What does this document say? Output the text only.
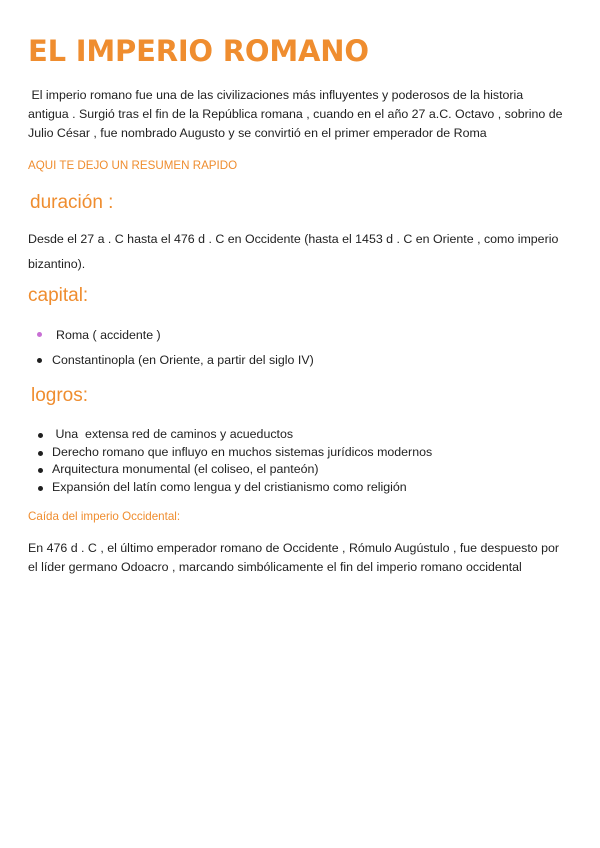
EL IMPERIO ROMANO
El imperio romano fue una de las civilizaciones más influyentes y poderosos de la historia
antigua . Surgió tras el fin de la República romana , cuando en el año 27 a.C. Octavo , sobrino de
Julio César , fue nombrado Augusto y se convirtió en el primer emperador de Roma

AQUI TE DEJO UN RESUMEN RAPIDO

duración :
Desde el 27 a . C hasta el 476 d . C en Occidente (hasta el 1453 d . C en Oriente , como imperio
bizantino).
capital:
Roma ( accidente )
Constantinopla (en Oriente, a partir del siglo IV)
logros:
Una  extensa red de caminos y acueductos
Derecho romano que influyo en muchos sistemas jurídicos modernos
Arquitectura monumental (el coliseo, el panteón)
Expansión del latín como lengua y del cristianismo como religión

Caída del imperio Occidental:

En 476 d . C , el último emperador romano de Occidente , Rómulo Augústulo , fue despuesto por
el líder germano Odoacro , marcando simbólicamente el fin del imperio romano occidental
